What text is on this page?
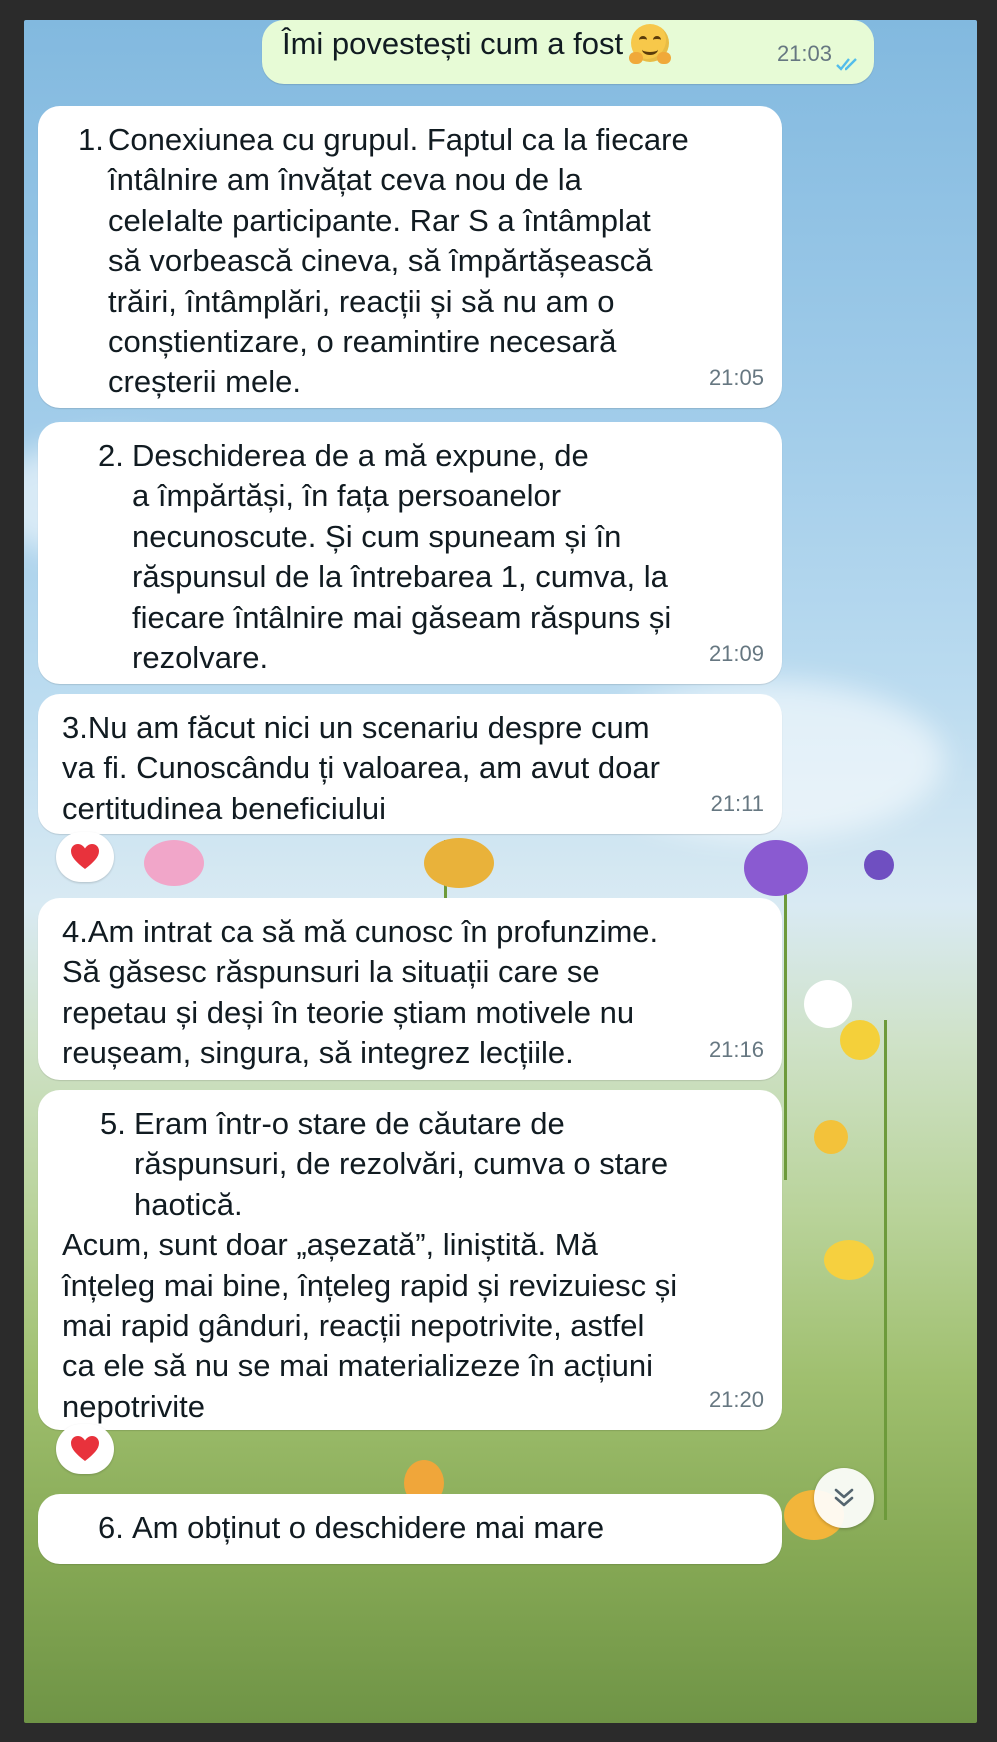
Îmi povestești cum a fost	21:03
1. Conexiunea cu grupul. Faptul ca la fiecare
întâlnire am învățat ceva nou de la
celeIalte participante. Rar S a întâmplat
să vorbească cineva, să împărtășească
trăiri, întâmplări, reacții și să nu am o
conștientizare, o reamintire necesară
creșterii mele.	21:05
2. Deschiderea de a mă expune, de
a împărtăși, în fața persoanelor
necunoscute. Și cum spuneam și în
răspunsul de la întrebarea 1, cumva, la
fiecare întâlnire mai găseam răspuns și
rezolvare.	21:09

3.Nu am făcut nici un scenariu despre cum
va fi. Cunoscându ți valoarea, am avut doar
certitudinea beneficiului	21:11

4.Am intrat ca să mă cunosc în profunzime.
Să găsesc răspunsuri la situații care se
repetau și deși în teorie știam motivele nu
reușeam, singura, să integrez lecțiile.	21:16
5. Eram într-o stare de căutare de
răspunsuri, de rezolvări, cumva o stare
haotică.

Acum, sunt doar „așezată”, liniștită. Mă
înțeleg mai bine, înțeleg rapid și revizuiesc și
mai rapid gânduri, reacții nepotrivite, astfel
ca ele să nu se mai materializeze în acțiuni
nepotrivite	21:20
6. Am obținut o deschidere mai mare
